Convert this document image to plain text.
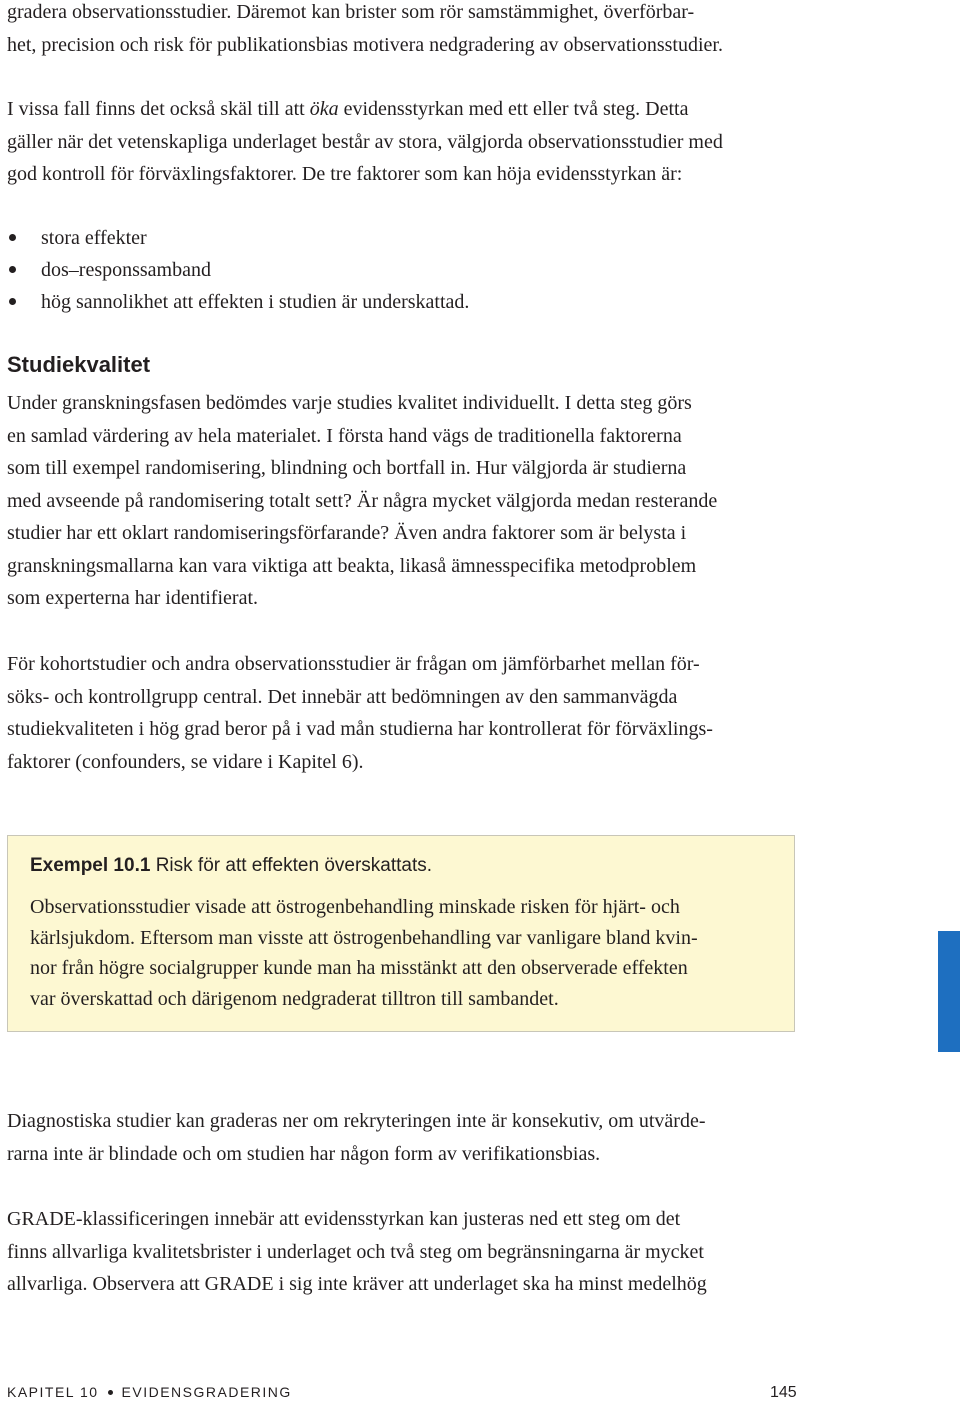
gradera observationsstudier. Däremot kan brister som rör samstämmighet, överförbar-
het, precision och risk för publikationsbias motivera nedgradering av observationsstudier.

I vissa fall finns det också skäl till att öka evidensstyrkan med ett eller två steg. Detta
gäller när det vetenskapliga underlaget består av stora, välgjorda observationsstudier med
god kontroll för förväxlingsfaktorer. De tre faktorer som kan höja evidensstyrkan är:

stora effekter
dos–responssamband
hög sannolikhet att effekten i studien är underskattad.
Studiekvalitet

Under granskningsfasen bedömdes varje studies kvalitet individuellt. I detta steg görs
en samlad värdering av hela materialet. I första hand vägs de traditionella faktorerna
som till exempel randomisering, blindning och bortfall in. Hur välgjorda är studierna
med avseende på randomisering totalt sett? Är några mycket välgjorda medan resterande
studier har ett oklart randomiseringsförfarande? Även andra faktorer som är belysta i
granskningsmallarna kan vara viktiga att beakta, likaså ämnesspecifika metodproblem
som experterna har identifierat.

För kohortstudier och andra observationsstudier är frågan om jämförbarhet mellan för-
söks- och kontrollgrupp central. Det innebär att bedömningen av den sammanvägda
studiekvaliteten i hög grad beror på i vad mån studierna har kontrollerat för förväxlings-
faktorer (confounders, se vidare i Kapitel 6).

Exempel 10.1 Risk för att effekten överskattats.

Observationsstudier visade att östrogenbehandling minskade risken för hjärt- och
kärlsjukdom. Eftersom man visste att östrogenbehandling var vanligare bland kvin-
nor från högre socialgrupper kunde man ha misstänkt att den observerade effekten
var överskattad och därigenom nedgraderat tilltron till sambandet.

Diagnostiska studier kan graderas ner om rekryteringen inte är konsekutiv, om utvärde-
rarna inte är blindade och om studien har någon form av verifikationsbias.

GRADE-klassificeringen innebär att evidensstyrkan kan justeras ned ett steg om det
finns allvarliga kvalitetsbrister i underlaget och två steg om begränsningarna är mycket
allvarliga. Observera att GRADE i sig inte kräver att underlaget ska ha minst medelhög

KAPITEL 10 EVIDENSGRADERING	145
